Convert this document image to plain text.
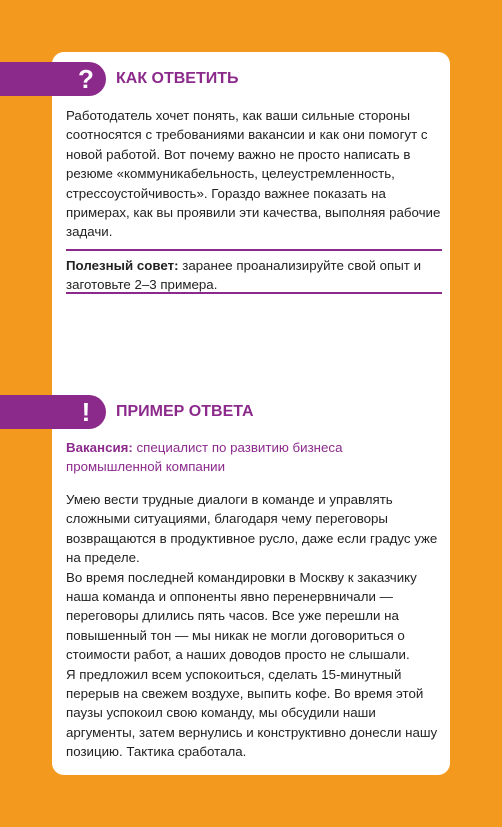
?	КАК ОТВЕТИТЬ

Работодатель хочет понять, как ваши сильные стороны соотносятся с требованиями вакансии и как они помогут с новой работой. Вот почему важно не просто написать в резюме «коммуникабельность, целеустремленность, стрессоустойчивость». Гораздо важнее показать на примерах, как вы проявили эти качества, выполняя рабочие задачи.

Полезный совет: заранее проанализируйте свой опыт и заготовьте 2–3 примера.

!	ПРИМЕР ОТВЕТА

Вакансия: специалист по развитию бизнеса промышленной компании

Умею вести трудные диалоги в команде и управлять сложными ситуациями, благодаря чему переговоры возвращаются в продуктивное русло, даже если градус уже на пределе.

Во время последней командировки в Москву к заказчику наша команда и оппоненты явно перенервничали — переговоры длились пять часов. Все уже перешли на повышенный тон — мы никак не могли договориться о стоимости работ, а наших доводов просто не слышали.

Я предложил всем успокоиться, сделать 15-минутный перерыв на свежем воздухе, выпить кофе. Во время этой паузы успокоил свою команду, мы обсудили наши аргументы, затем вернулись и конструктивно донесли нашу позицию. Тактика сработала.
